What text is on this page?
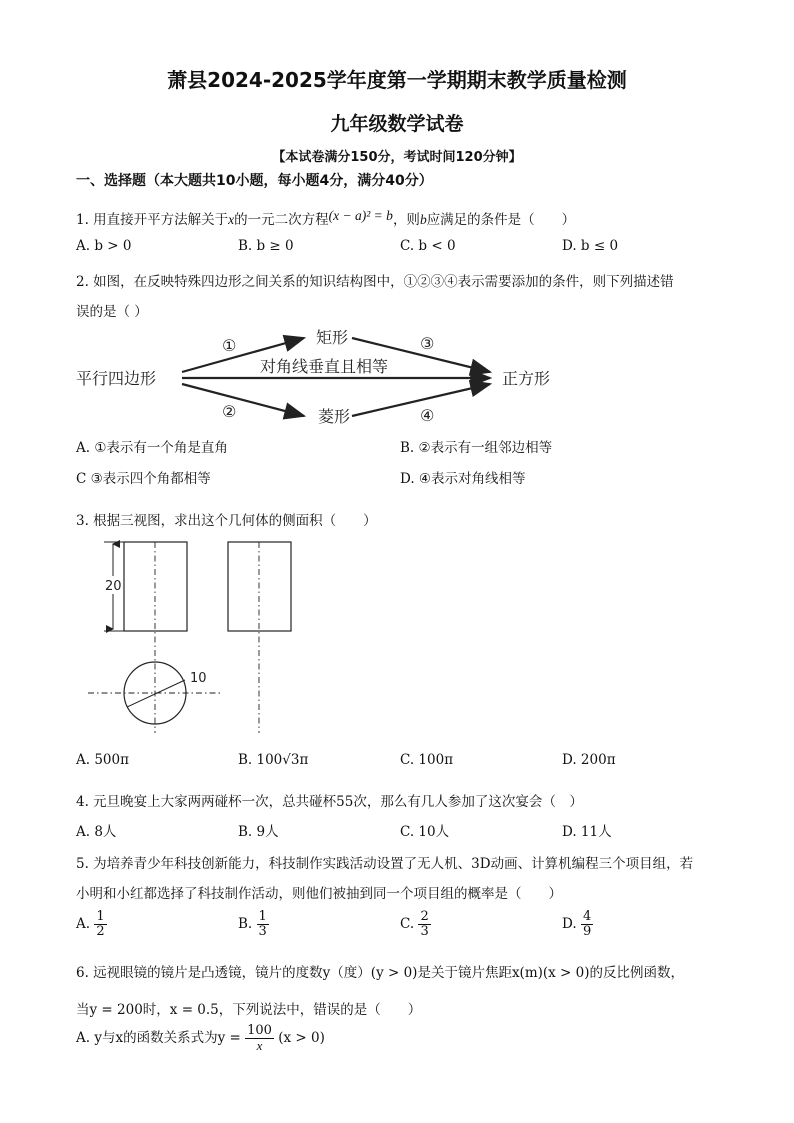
萧县2024-2025学年度第一学期期末教学质量检测
九年级数学试卷
【本试卷满分150分，考试时间120分钟】
一、选择题（本大题共10小题，每小题4分，满分40分）
1. 用直接开平方法解关于x的一元二次方程(x − a)² = b，则b应满足的条件是（　　）
A. b > 0	B. b ≥ 0	C. b < 0	D. b ≤ 0
2. 如图，在反映特殊四边形之间关系的知识结构图中，①②③④表示需要添加的条件，则下列描述错
误的是（ ）
平行四边形
矩形
菱形
正方形
对角线垂直且相等
①
②
③
④
A. ①表示有一个角是直角	B. ②表示有一组邻边相等
C ③表示四个角都相等	D. ④表示对角线相等
3. 根据三视图，求出这个几何体的侧面积（　　）
20
10
A. 500π	B. 100√3π	C. 100π	D. 200π
4. 元旦晚宴上大家两两碰杯一次，总共碰杯55次，那么有几人参加了这次宴会（　）
A. 8人	B. 9人	C. 10人	D. 11人
5. 为培养青少年科技创新能力，科技制作实践活动设置了无人机、3D动画、计算机编程三个项目组，若
小明和小红都选择了科技制作活动，则他们被抽到同一个项目组的概率是（　　）
A. $\frac{1}{2}$	B. $\frac{1}{3}$	C. $\frac{2}{3}$	D. $\frac{4}{9}$
6. 远视眼镜的镜片是凸透镜，镜片的度数y（度）(y > 0)是关于镜片焦距x(m)(x > 0)的反比例函数，
当y = 200时，x = 0.5，下列说法中，错误的是（　　）
A. y与x的函数关系式为$y = \frac{100}{x} (x > 0)$
